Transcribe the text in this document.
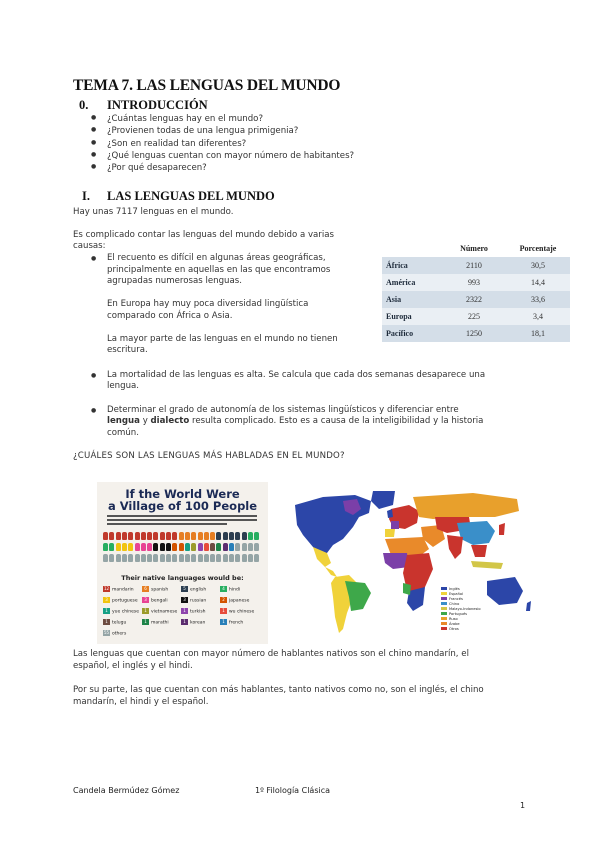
TEMA 7. LAS LENGUAS DEL MUNDO
0. INTRODUCCIÓN
● ¿Cuántas lenguas hay en el mundo?
● ¿Provienen todas de una lengua primigenia?
● ¿Son en realidad tan diferentes?
● ¿Qué lenguas cuentan con mayor número de habitantes?
● ¿Por qué desaparecen?
I. LAS LENGUAS DEL MUNDO
Hay unas 7117 lenguas en el mundo.
Es complicado contar las lenguas del mundo debido a varias
causas:
● El recuento es difícil en algunas áreas geográficas,
principalmente en aquellas en las que encontramos
agrupadas numerosas lenguas.
En Europa hay muy poca diversidad lingüística
comparado con África o Asia.
La mayor parte de las lenguas en el mundo no tienen
escritura.
	Número	Porcentaje
África	2110	30,5
América	993	14,4
Asia	2322	33,6
Europa	225	3,4
Pacífico	1250	18,1
● La mortalidad de las lenguas es alta. Se calcula que cada dos semanas desaparece una
lengua.
● Determinar el grado de autonomía de los sistemas lingüísticos y diferenciar entre
lengua y dialecto resulta complicado. Esto es a causa de la inteligibilidad y la historia
común.
¿CUÁLES SON LAS LENGUAS MÁS HABLADAS EN EL MUNDO?
If the World Were
a Village of 100 People
Their native languages would be:
12 mandarin	6 spanish	5 english	4 hindi
3 portuguese	3 bengali	3 russian	2 japanese
1 yue chinese	1 vietnamese	1 turkish	1 wu chinese
1 telugu	1 marathi	1 korean	1 french
55 others
Inglés
Español
Francés
Chino
Malayo-Indonesio
Portugués
Ruso
Árabe
Otros
Las lenguas que cuentan con mayor número de hablantes nativos son el chino mandarín, el
español, el inglés y el hindi.
Por su parte, las que cuentan con más hablantes, tanto nativos como no, son el inglés, el chino
mandarín, el hindi y el español.
Candela Bermúdez Gómez	1º Filología Clásica
1
